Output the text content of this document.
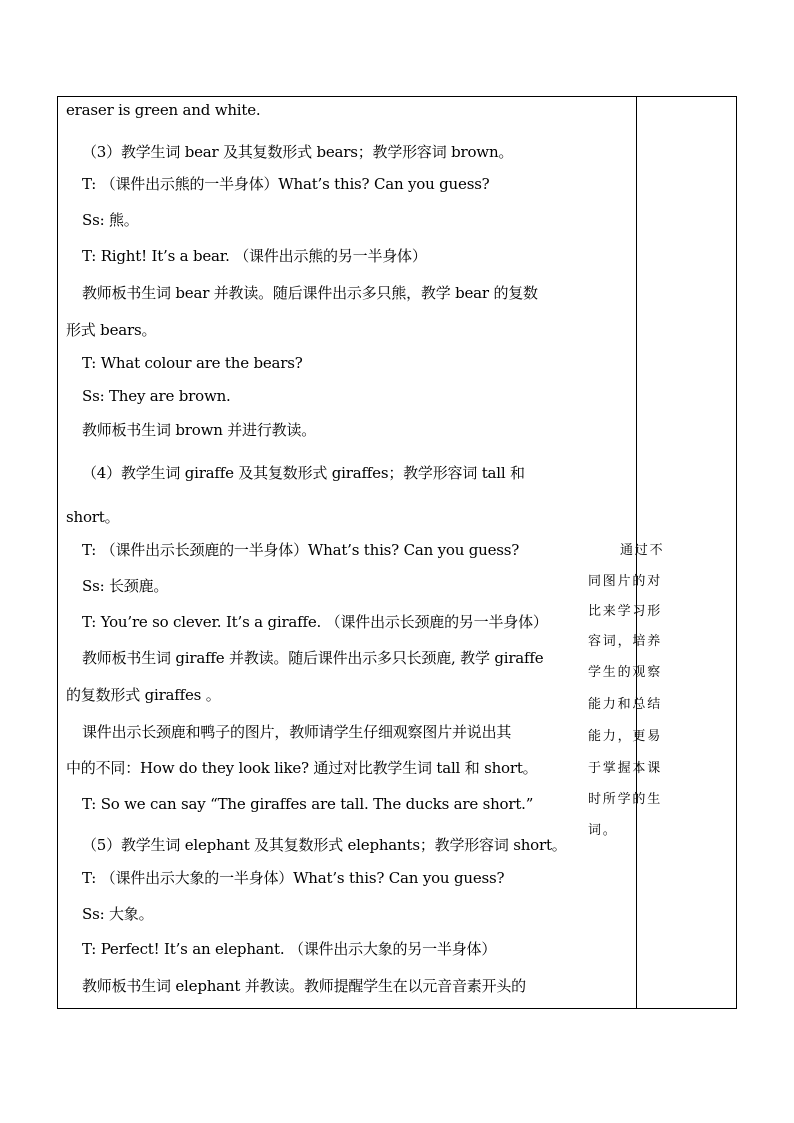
eraser is green and white.
（3）教学生词 bear 及其复数形式 bears；教学形容词 brown。
T: （课件出示熊的一半身体）What’s this? Can you guess?
Ss: 熊。
T: Right! It’s a bear. （课件出示熊的另一半身体）
教师板书生词 bear 并教读。随后课件出示多只熊，教学 bear 的复数
形式 bears。
T: What colour are the bears?
Ss: They are brown.
教师板书生词 brown 并进行教读。
（4）教学生词 giraffe 及其复数形式 giraffes；教学形容词 tall 和
short。
T: （课件出示长颈鹿的一半身体）What’s this? Can you guess?
Ss: 长颈鹿。
T: You’re so clever. It’s a giraffe. （课件出示长颈鹿的另一半身体）
教师板书生词 giraffe 并教读。随后课件出示多只长颈鹿, 教学 giraffe
的复数形式 giraffes 。
课件出示长颈鹿和鸭子的图片，教师请学生仔细观察图片并说出其
中的不同：How do they look like? 通过对比教学生词 tall 和 short。
T: So we can say “The giraffes are tall. The ducks are short.”
（5）教学生词 elephant 及其复数形式 elephants；教学形容词 short。
T: （课件出示大象的一半身体）What’s this? Can you guess?
Ss: 大象。
T: Perfect! It’s an elephant. （课件出示大象的另一半身体）
教师板书生词 elephant 并教读。教师提醒学生在以元音音素开头的
通过不
同图片的对
比来学习形
容词，培养
学生的观察
能力和总结
能力，更易
于掌握本课
时所学的生
词。
